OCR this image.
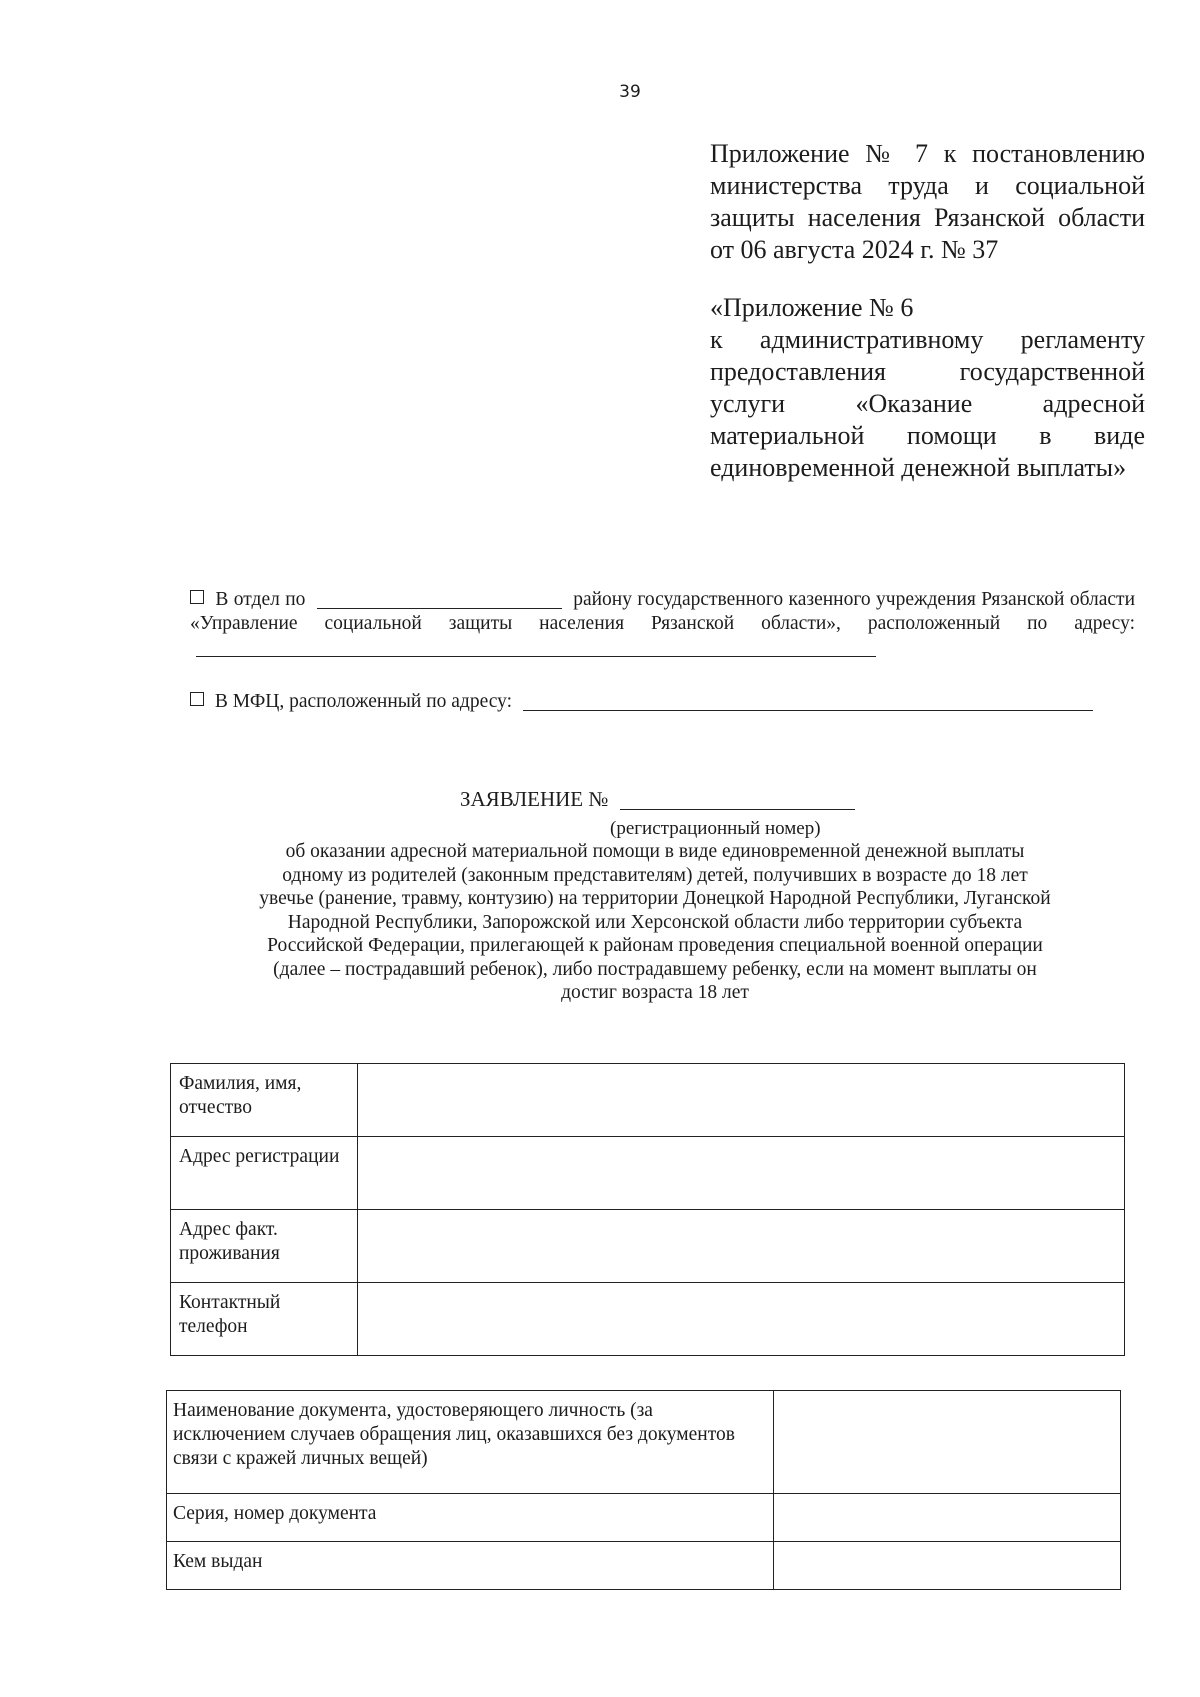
39
Приложение № 7 к постановлению министерства труда и социальной защиты населения Рязанской области от 06 августа 2024 г. № 37
«Приложение № 6
к административному регламенту предоставления государственной услуги «Оказание адресной материальной помощи в виде единовременной денежной выплаты»
В отдел по	району государственного казенного учреждения Рязанской области «Управление социальной защиты населения Рязанской области», расположенный по адресу:
В МФЦ, расположенный по адресу:
ЗАЯВЛЕНИЕ №
(регистрационный номер)
об оказании адресной материальной помощи в виде единовременной денежной выплаты одному из родителей (законным представителям) детей, получивших в возрасте до 18 лет увечье (ранение, травму, контузию) на территории Донецкой Народной Республики, Луганской Народной Республики, Запорожской или Херсонской области либо территории субъекта Российской Федерации, прилегающей к районам проведения специальной военной операции (далее – пострадавший ребенок), либо пострадавшему ребенку, если на момент выплаты он достиг возраста 18 лет
Фамилия, имя, отчество	
Адрес регистрации	
Адрес факт. проживания	
Контактный телефон	
Наименование документа, удостоверяющего личность (за исключением случаев обращения лиц, оказавшихся без документов связи с кражей личных вещей)	
Серия, номер документа	
Кем выдан	
